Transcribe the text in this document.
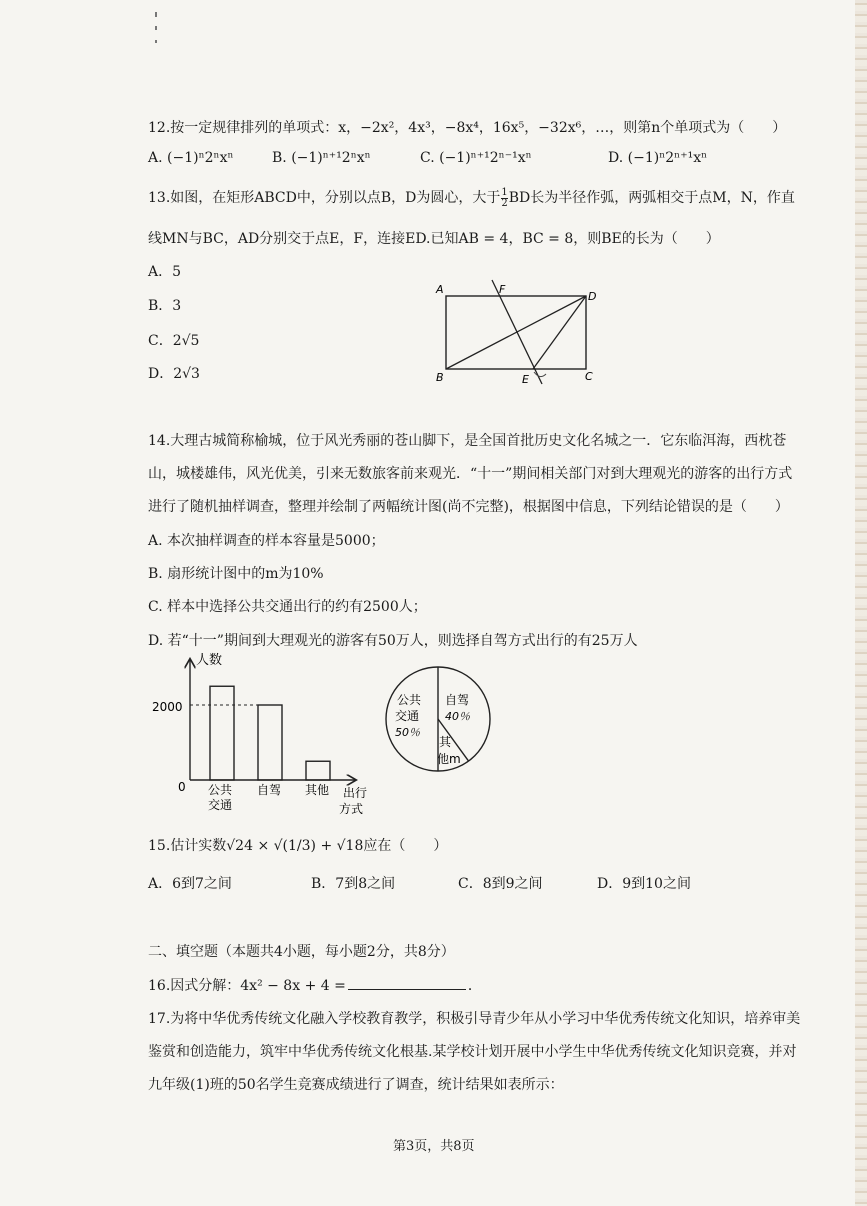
12.按一定规律排列的单项式：x，−2x²，4x³，−8x⁴，16x⁵，−32x⁶，…，则第n个单项式为（　　）
A. (−1)ⁿ2ⁿxⁿ	B. (−1)ⁿ⁺¹2ⁿxⁿ	C. (−1)ⁿ⁺¹2ⁿ⁻¹xⁿ	D. (−1)ⁿ2ⁿ⁺¹xⁿ
13.如图，在矩形ABCD中，分别以点B，D为圆心，大于 $\frac{1}{2}$ BD长为半径作弧，两弧相交于点M，N，作直
线MN与BC，AD分别交于点E，F，连接ED.已知AB = 4，BC = 8，则BE的长为（　　）
A．5
B．3
C．2√5
D．2√3
A	F
D
B	E	C
14.大理古城简称榆城，位于风光秀丽的苍山脚下，是全国首批历史文化名城之一．它东临洱海，西枕苍
山，城楼雄伟，风光优美，引来无数旅客前来观光．“十一”期间相关部门对到大理观光的游客的出行方式
进行了随机抽样调查，整理并绘制了两幅统计图(尚不完整)，根据图中信息，下列结论错误的是（　　）
A. 本次抽样调查的样本容量是5000；
B. 扇形统计图中的m为10%
C. 样本中选择公共交通出行的约有2500人；
D. 若“十一”期间到大理观光的游客有50万人，则选择自驾方式出行的有25万人
人数
0
2000
公共
交通
自驾 其他 出行
方式
公共
交通
50％
自驾
40％
其
他m
15.估计实数√24 × √(1/3) + √18应在（　　）
A．6到7之间	B．7到8之间	C．8到9之间	D．9到10之间
二、填空题（本题共4小题，每小题2分，共8分）
16.因式分解：4x² − 8x + 4 =	．
17.为将中华优秀传统文化融入学校教育教学，积极引导青少年从小学习中华优秀传统文化知识，培养审美
鉴赏和创造能力，筑牢中华优秀传统文化根基.某学校计划开展中小学生中华优秀传统文化知识竞赛，并对
九年级(1)班的50名学生竞赛成绩进行了调查，统计结果如表所示：
第3页，共8页
